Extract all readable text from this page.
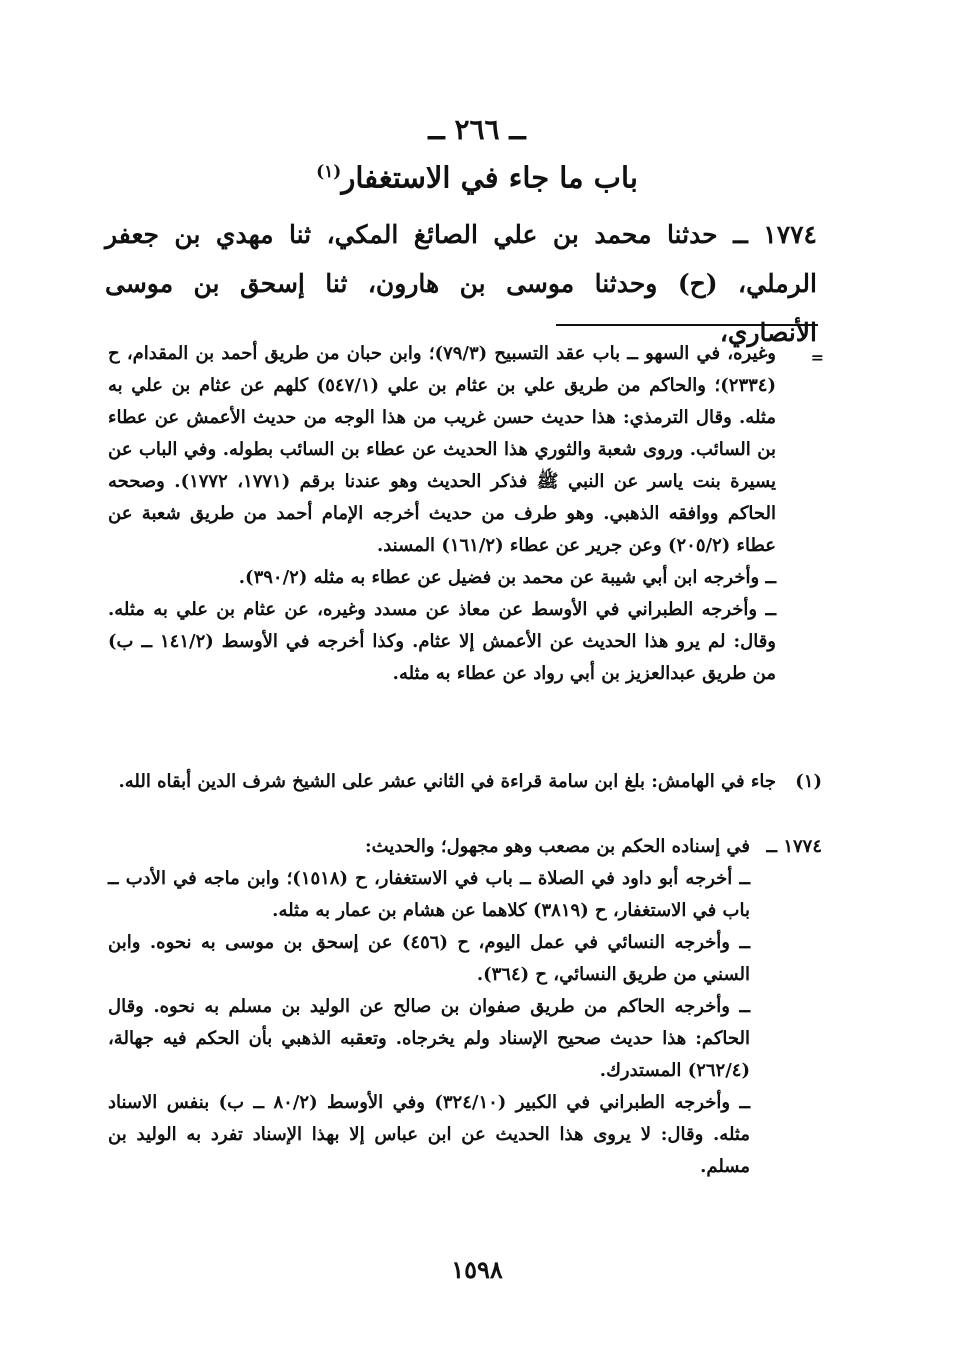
ــ ٢٦٦ ــ
باب ما جاء في الاستغفار$^{(١)}$
١٧٧٤ ــ حدثنا محمد بن علي الصائغ المكي، ثنا مهدي بن جعفر الرملي، (ح) وحدثنا موسى بن هارون، ثنا إسحق بن موسى الأنصاري،
=

وغيره، في السهو ــ باب عقد التسبيح (٧٩/٣)؛ وابن حبان من طريق أحمد بن المقدام، ح (٢٣٣٤)؛ والحاكم من طريق علي بن عثام بن علي (٥٤٧/١) كلهم عن عثام بن علي به مثله. وقال الترمذي: هذا حديث حسن غريب من هذا الوجه من حديث الأعمش عن عطاء بن السائب. وروى شعبة والثوري هذا الحديث عن عطاء بن السائب بطوله. وفي الباب عن يسيرة بنت ياسر عن النبي ﷺ فذكر الحديث وهو عندنا برقم (١٧٧١، ١٧٧٢). وصححه الحاكم ووافقه الذهبي. وهو طرف من حديث أخرجه الإمام أحمد من طريق شعبة عن عطاء (٢٠٥/٢) وعن جرير عن عطاء (١٦١/٢) المسند.

ــ وأخرجه ابن أبي شيبة عن محمد بن فضيل عن عطاء به مثله (٣٩٠/٢).

ــ وأخرجه الطبراني في الأوسط عن معاذ عن مسدد وغيره، عن عثام بن علي به مثله. وقال: لم يرو هذا الحديث عن الأعمش إلا عثام. وكذا أخرجه في الأوسط (١٤١/٢ ــ ب) من طريق عبدالعزيز بن أبي رواد عن عطاء به مثله.

(١)

جاء في الهامش: بلغ ابن سامة قراءة في الثاني عشر على الشيخ شرف الدين أبقاه الله.

١٧٧٤ ــ

في إسناده الحكم بن مصعب وهو مجهول؛ والحديث:

ــ أخرجه أبو داود في الصلاة ــ باب في الاستغفار، ح (١٥١٨)؛ وابن ماجه في الأدب ــ باب في الاستغفار، ح (٣٨١٩) كلاهما عن هشام بن عمار به مثله.

ــ وأخرجه النسائي في عمل اليوم، ح (٤٥٦) عن إسحق بن موسى به نحوه. وابن السني من طريق النسائي، ح (٣٦٤).

ــ وأخرجه الحاكم من طريق صفوان بن صالح عن الوليد بن مسلم به نحوه. وقال الحاكم: هذا حديث صحيح الإسناد ولم يخرجاه. وتعقبه الذهبي بأن الحكم فيه جهالة، (٢٦٢/٤) المستدرك.

ــ وأخرجه الطبراني في الكبير (٣٢٤/١٠) وفي الأوسط (٨٠/٢ ــ ب) بنفس الاسناد مثله. وقال: لا يروى هذا الحديث عن ابن عباس إلا بهذا الإسناد تفرد به الوليد بن مسلم.

١٥٩٨
